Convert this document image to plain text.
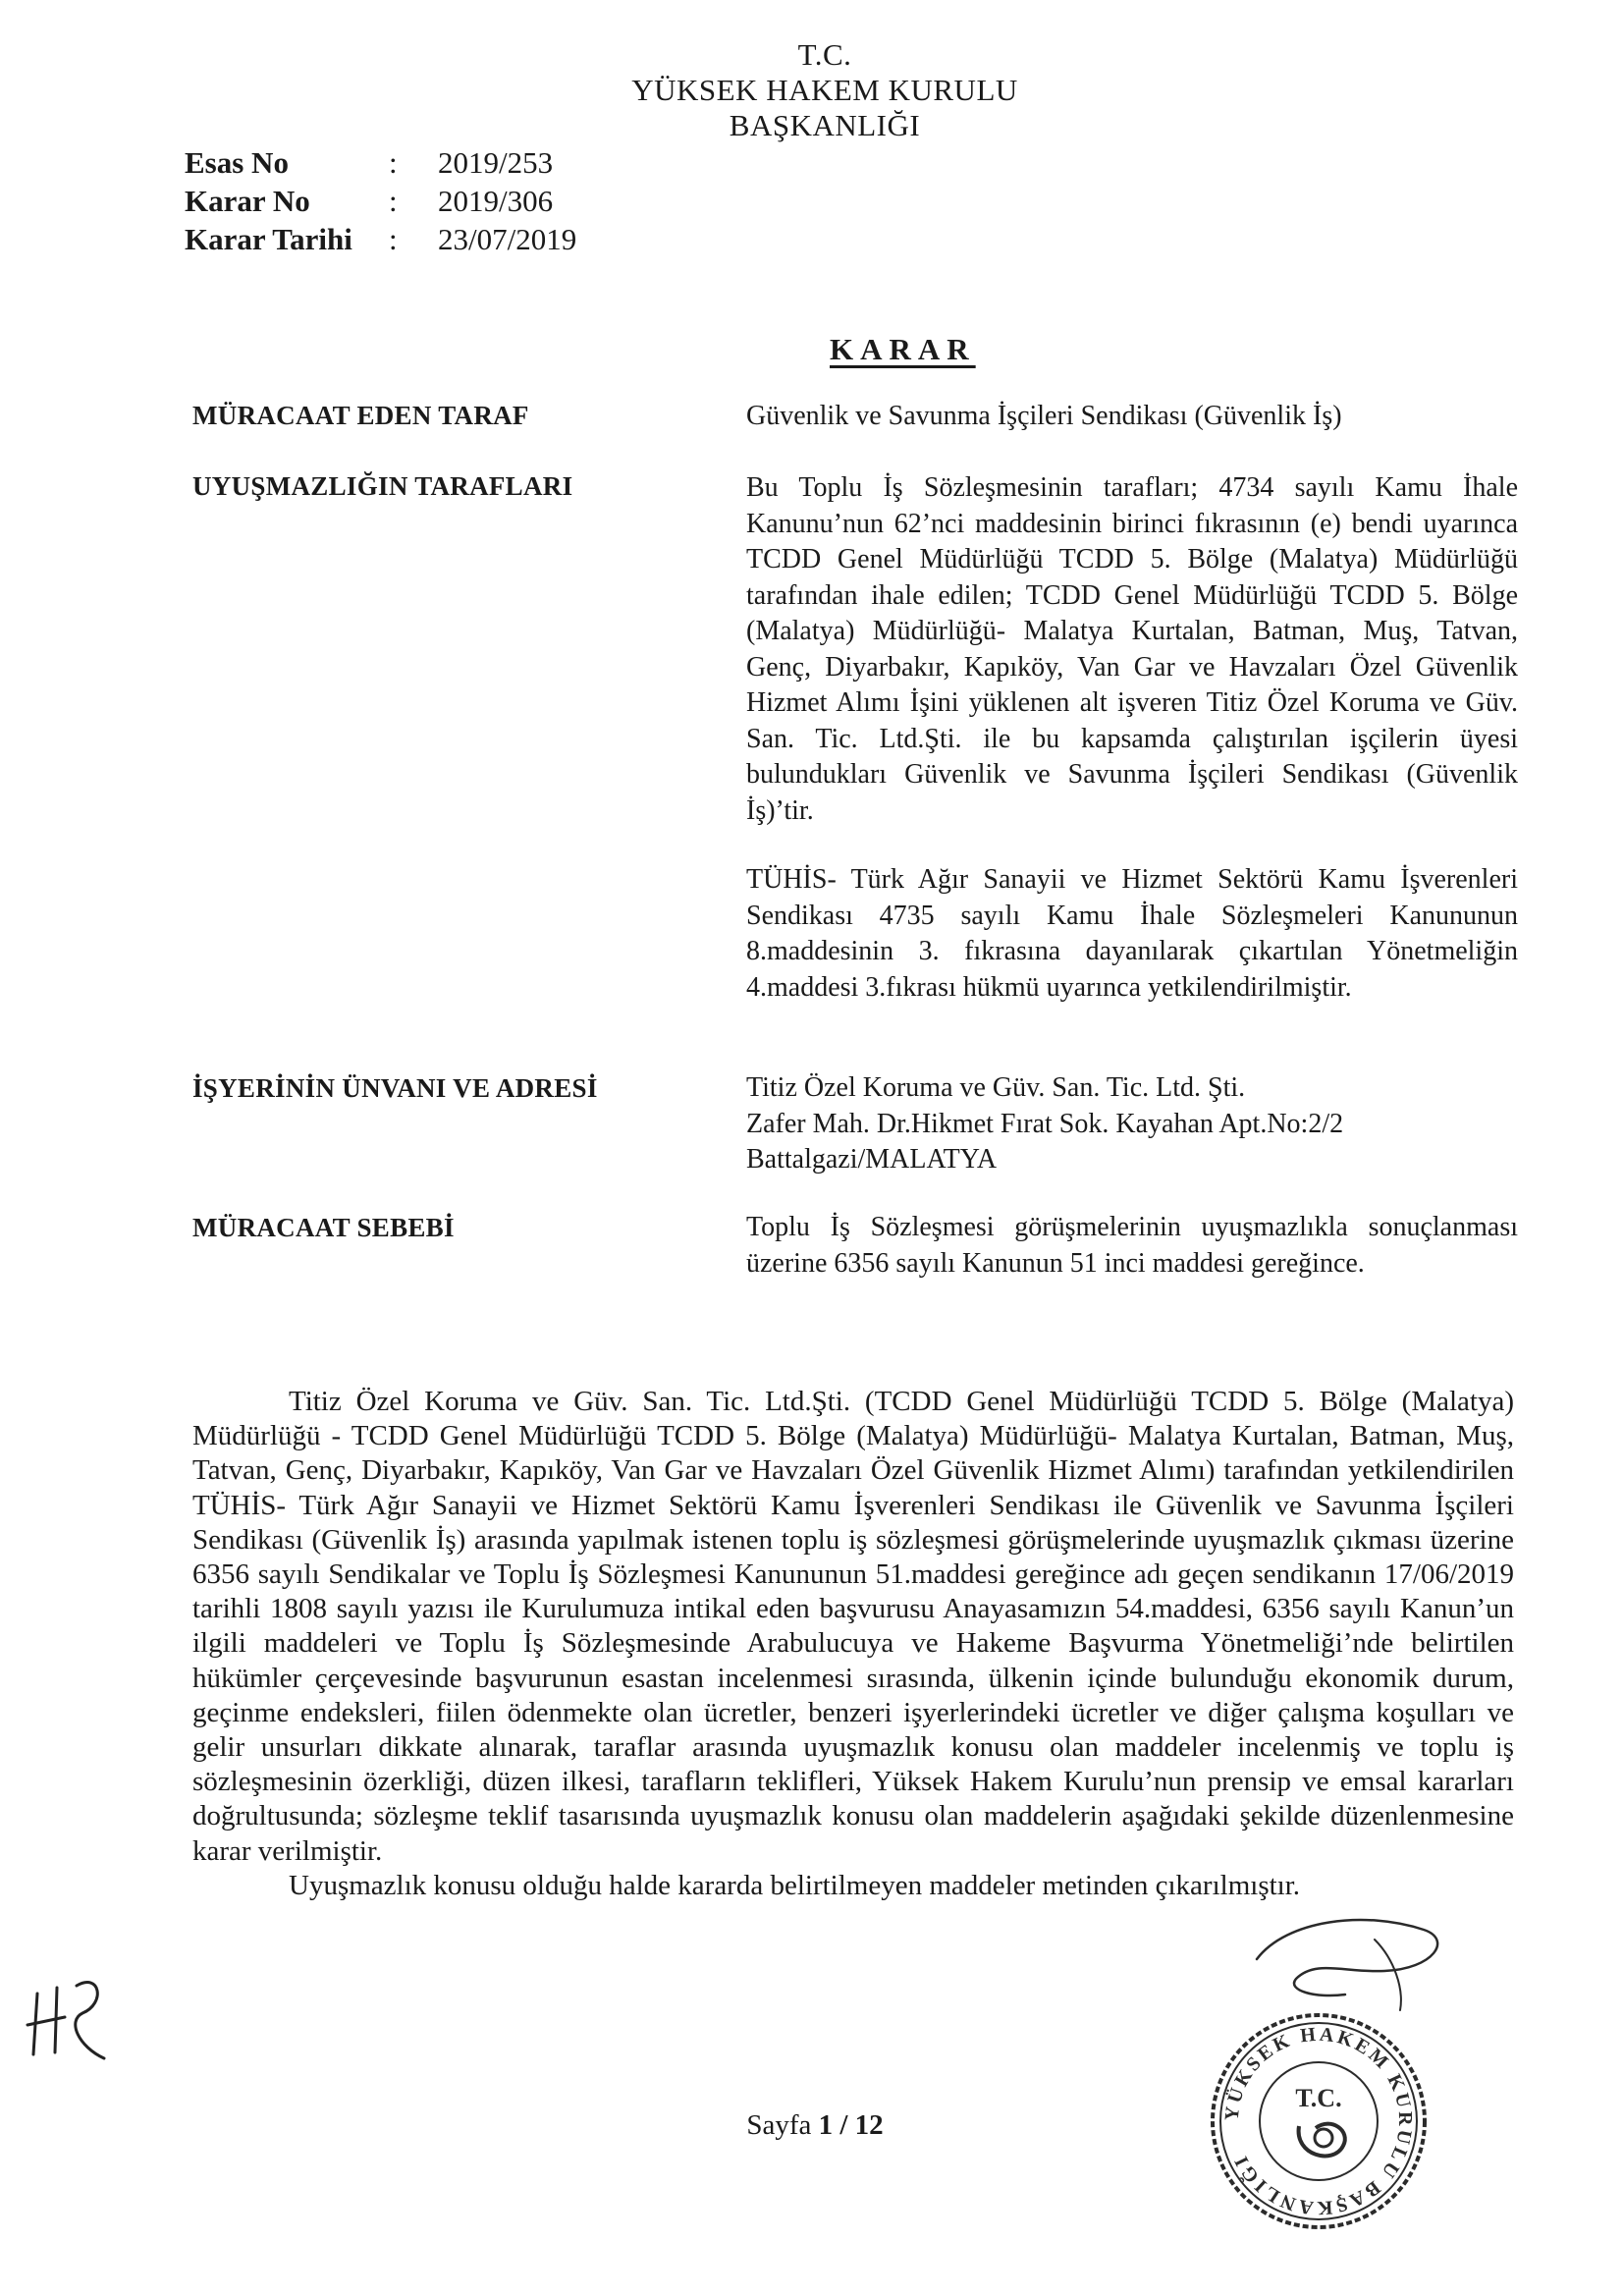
T.C.
YÜKSEK HAKEM KURULU
BAŞKANLIĞI
Esas No	:	2019/253
Karar No	:	2019/306
Karar Tarihi	:	23/07/2019
KARAR
MÜRACAAT EDEN TARAF	Güvenlik ve Savunma İşçileri Sendikası (Güvenlik İş)

UYUŞMAZLIĞIN TARAFLARI	Bu Toplu İş Sözleşmesinin tarafları; 4734 sayılı Kamu İhale Kanunu’nun 62’nci maddesinin birinci fıkrasının (e) bendi uyarınca TCDD Genel Müdürlüğü TCDD 5. Bölge (Malatya) Müdürlüğü tarafından ihale edilen; TCDD Genel Müdürlüğü TCDD 5. Bölge (Malatya) Müdürlüğü- Malatya Kurtalan, Batman, Muş, Tatvan, Genç, Diyarbakır, Kapıköy, Van Gar ve Havzaları Özel Güvenlik Hizmet Alımı İşini yüklenen alt işveren Titiz Özel Koruma ve Güv. San. Tic. Ltd.Şti. ile bu kapsamda çalıştırılan işçilerin üyesi bulundukları Güvenlik ve Savunma İşçileri Sendikası (Güvenlik İş)’tir.

TÜHİS- Türk Ağır Sanayii ve Hizmet Sektörü Kamu İşverenleri Sendikası 4735 sayılı Kamu İhale Sözleşmeleri Kanununun 8.maddesinin 3. fıkrasına dayanılarak çıkartılan Yönetmeliğin 4.maddesi 3.fıkrası hükmü uyarınca yetkilendirilmiştir.

İŞYERİNİN ÜNVANI VE ADRESİ	Titiz Özel Koruma ve Güv. San. Tic. Ltd. Şti.
Zafer Mah. Dr.Hikmet Fırat Sok. Kayahan Apt.No:2/2
Battalgazi/MALATYA
MÜRACAAT SEBEBİ	Toplu İş Sözleşmesi görüşmelerinin uyuşmazlıkla sonuçlanması üzerine 6356 sayılı Kanunun 51 inci maddesi gereğince.

Titiz Özel Koruma ve Güv. San. Tic. Ltd.Şti. (TCDD Genel Müdürlüğü TCDD 5. Bölge (Malatya) Müdürlüğü - TCDD Genel Müdürlüğü TCDD 5. Bölge (Malatya) Müdürlüğü- Malatya Kurtalan, Batman, Muş, Tatvan, Genç, Diyarbakır, Kapıköy, Van Gar ve Havzaları Özel Güvenlik Hizmet Alımı) tarafından yetkilendirilen TÜHİS- Türk Ağır Sanayii ve Hizmet Sektörü Kamu İşverenleri Sendikası ile Güvenlik ve Savunma İşçileri Sendikası (Güvenlik İş) arasında yapılmak istenen toplu iş sözleşmesi görüşmelerinde uyuşmazlık çıkması üzerine 6356 sayılı Sendikalar ve Toplu İş Sözleşmesi Kanununun 51.maddesi gereğince adı geçen sendikanın 17/06/2019 tarihli 1808 sayılı yazısı ile Kurulumuza intikal eden başvurusu Anayasamızın 54.maddesi, 6356 sayılı Kanun’un ilgili maddeleri ve Toplu İş Sözleşmesinde Arabulucuya ve Hakeme Başvurma Yönetmeliği’nde belirtilen hükümler çerçevesinde başvurunun esastan incelenmesi sırasında, ülkenin içinde bulunduğu ekonomik durum, geçinme endeksleri, fiilen ödenmekte olan ücretler, benzeri işyerlerindeki ücretler ve diğer çalışma koşulları ve gelir unsurları dikkate alınarak, taraflar arasında uyuşmazlık konusu olan maddeler incelenmiş ve toplu iş sözleşmesinin özerkliği, düzen ilkesi, tarafların teklifleri, Yüksek Hakem Kurulu’nun prensip ve emsal kararları doğrultusunda; sözleşme teklif tasarısında uyuşmazlık konusu olan maddelerin aşağıdaki şekilde düzenlenmesine karar verilmiştir.

Uyuşmazlık konusu olduğu halde kararda belirtilmeyen maddeler metinden çıkarılmıştır.

Sayfa 1 / 12	YÜKSEK HAKEM KURULU BAŞKANLIĞI
T.C.
